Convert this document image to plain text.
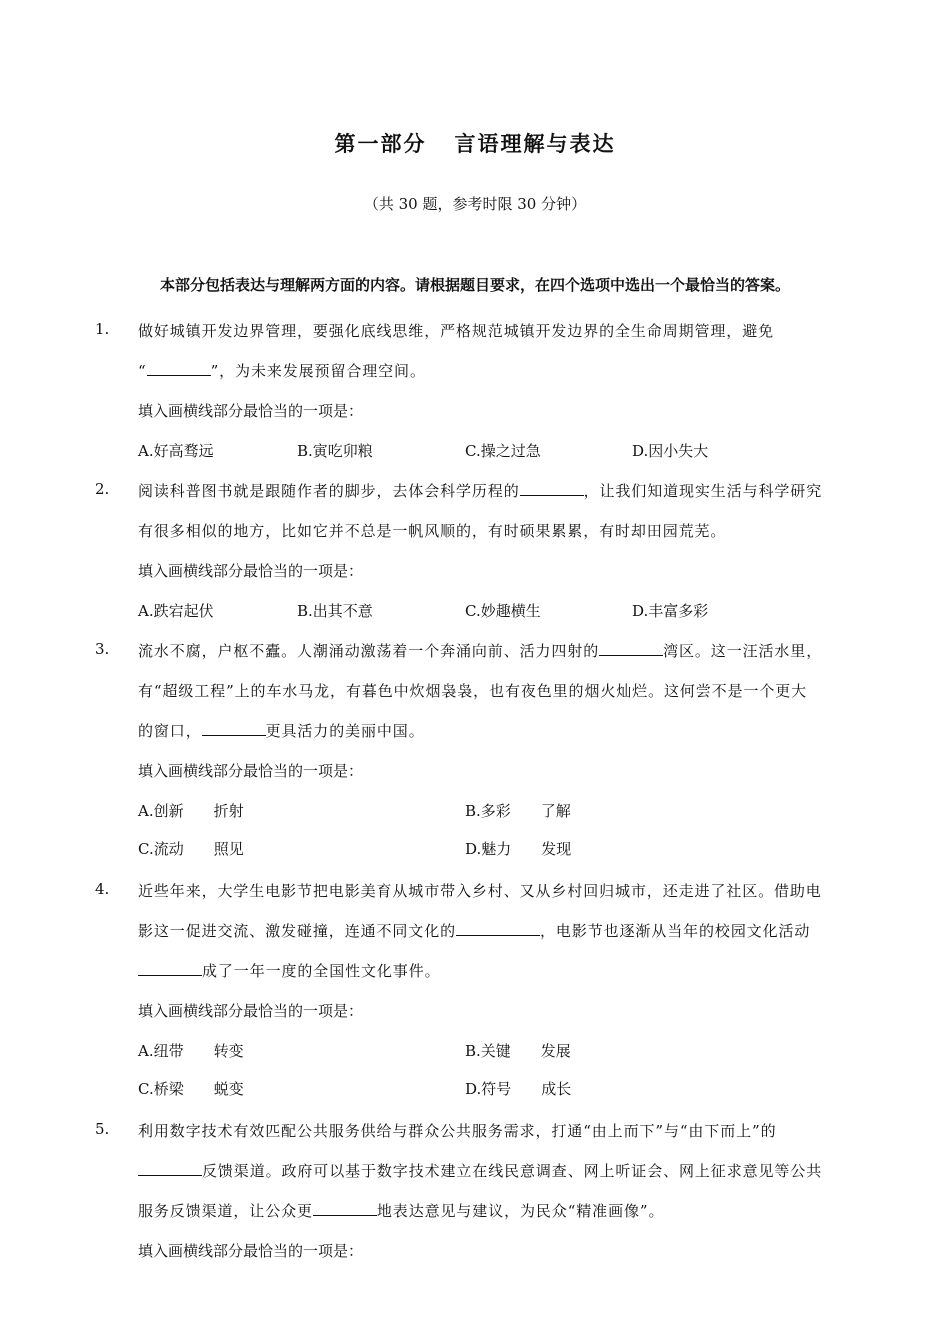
第一部分 言语理解与表达
（共 30 题，参考时限 30 分钟）
本部分包括表达与理解两方面的内容。请根据题目要求，在四个选项中选出一个最恰当的答案。
1. 做好城镇开发边界管理，要强化底线思维，严格规范城镇开发边界的全生命周期管理，避免
“	”，为未来发展预留合理空间。
填入画横线部分最恰当的一项是：
A.好高骛远	B.寅吃卯粮	C.操之过急	D.因小失大
2. 阅读科普图书就是跟随作者的脚步，去体会科学历程的	，让我们知道现实生活与科学研究
有很多相似的地方，比如它并不总是一帆风顺的，有时硕果累累，有时却田园荒芜。
填入画横线部分最恰当的一项是：
A.跌宕起伏	B.出其不意	C.妙趣横生	D.丰富多彩
3. 流水不腐，户枢不蠹。人潮涌动激荡着一个奔涌向前、活力四射的	湾区。这一汪活水里，
有“超级工程”上的车水马龙，有暮色中炊烟袅袅，也有夜色里的烟火灿烂。这何尝不是一个更大
的窗口，	更具活力的美丽中国。
填入画横线部分最恰当的一项是：
A.创新 折射	B.多彩 了解
C.流动 照见	D.魅力 发现
4. 近些年来，大学生电影节把电影美育从城市带入乡村、又从乡村回归城市，还走进了社区。借助电
影这一促进交流、激发碰撞，连通不同文化的	，电影节也逐渐从当年的校园文化活动
成了一年一度的全国性文化事件。
填入画横线部分最恰当的一项是：
A.纽带 转变	B.关键 发展
C.桥梁 蜕变	D.符号 成长
5. 利用数字技术有效匹配公共服务供给与群众公共服务需求，打通“由上而下”与“由下而上”的
反馈渠道。政府可以基于数字技术建立在线民意调查、网上听证会、网上征求意见等公共
服务反馈渠道，让公众更	地表达意见与建议，为民众“精准画像”。
填入画横线部分最恰当的一项是：
